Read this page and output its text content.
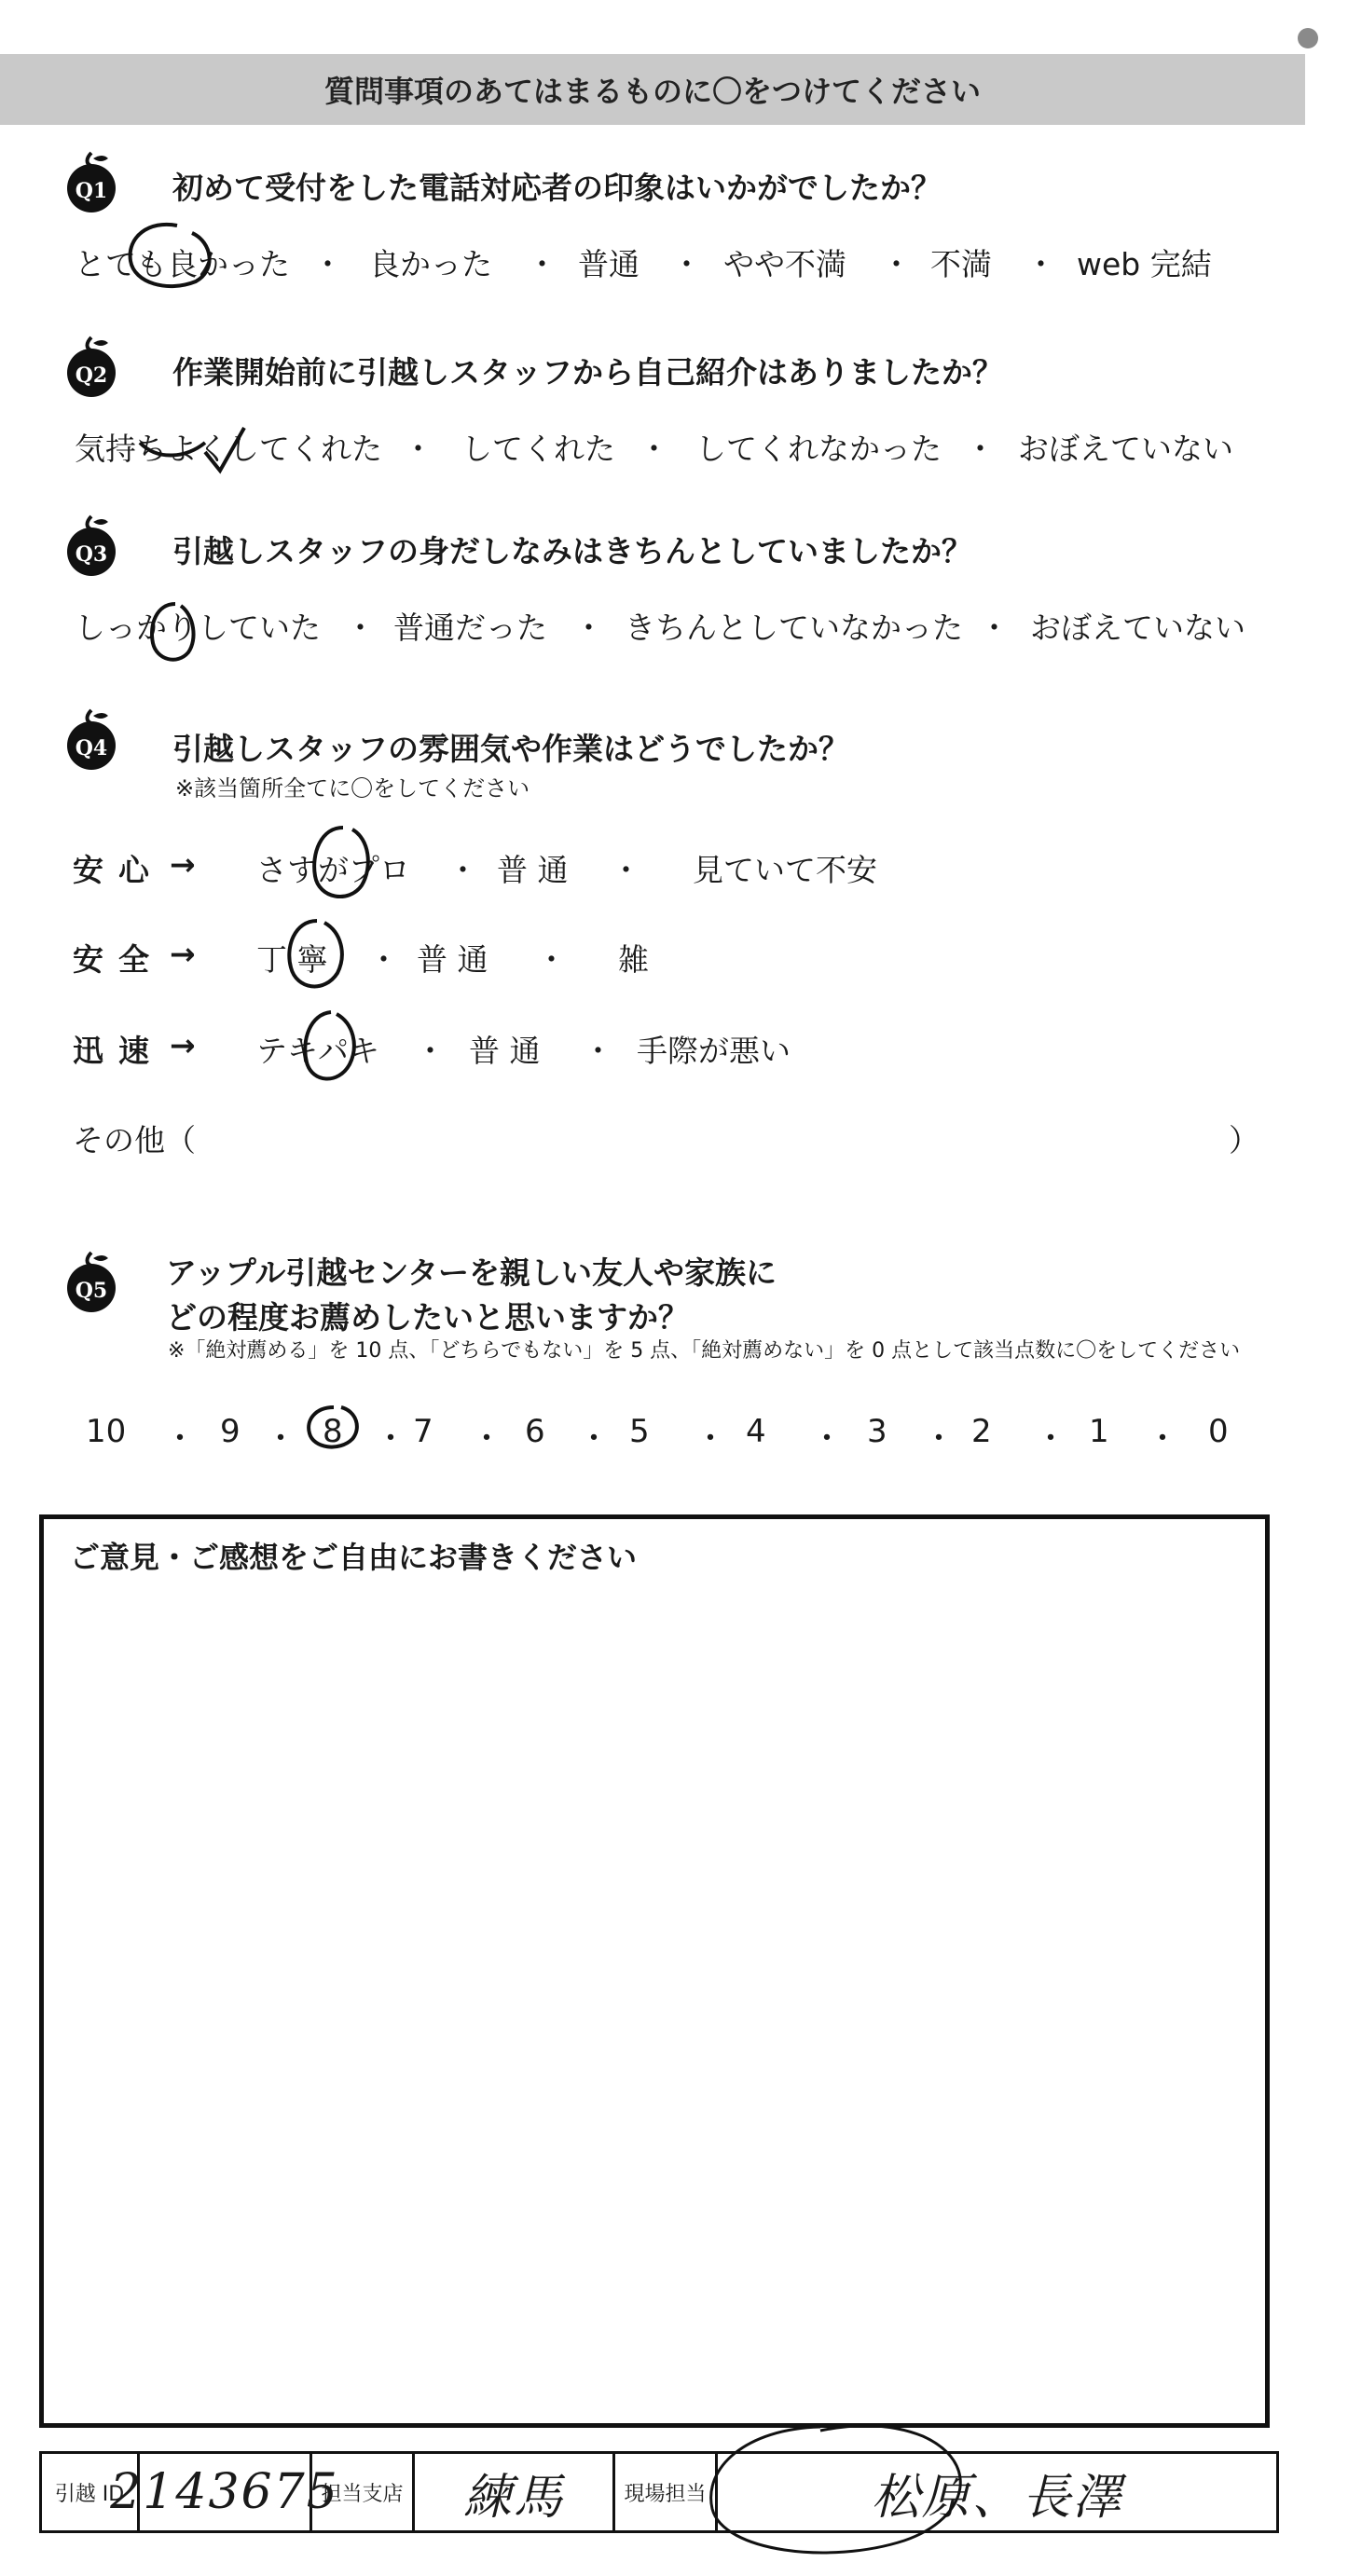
質問事項のあてはまるものに〇をつけてください
Q1 初めて受付をした電話対応者の印象はいかがでしたか？
とても良かった ・ 良かった ・ 普通 ・ やや不満 ・ 不満 ・ web 完結
Q2 作業開始前に引越しスタッフから自己紹介はありましたか？
気持ちよくしてくれた ・ してくれた ・ してくれなかった ・ おぼえていない
Q3 引越しスタッフの身だしなみはきちんとしていましたか？
しっかりしていた ・ 普通だった ・ きちんとしていなかった ・ おぼえていない
Q4 引越しスタッフの雰囲気や作業はどうでしたか？
※該当箇所全てに〇をしてください
安心 → さすがプロ ・ 普 通 ・ 見ていて不安
安全 → 丁 寧 ・ 普 通 ・ 雑
迅速 → テキパキ ・ 普 通 ・ 手際が悪い
その他（	）
Q5 アップル引越センターを親しい友人や家族に
どの程度お薦めしたいと思いますか？
※「絶対薦める」を 10 点、「どちらでもない」を 5 点、「絶対薦めない」を 0 点として該当点数に〇をしてください
10 ・ 9 ・ 8 ・ 7 ・ 6 ・ 5 ・ 4 ・ 3 ・ 2 ・ 1 ・ 0
ご意見・ご感想をご自由にお書きください
引越 ID
2143675
担当支店	練馬	現場担当	松原、長澤
